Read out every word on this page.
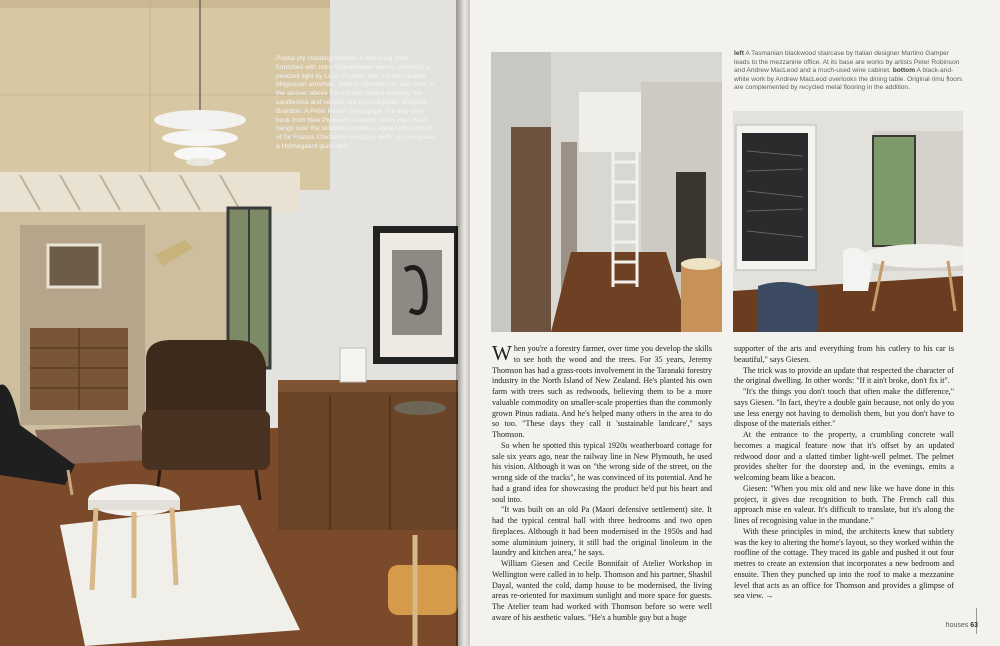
Poplar-ply cladding features in the living zone, furnished with retro Scandinavian pieces, including a pendant light by Louis Poulsen and a brown-leather Mogensen armchair. Jeremy inherited the sea chest in the alcove; above it is a David Sarich painting, the candlestick and vessels are by local potter Nicholas Brandon. A Peter Perver photograph of a trap-door hook from New Plymouth's historic White Hart Hotel hangs over the sideboard where a signed photograph of Sir Francis Chichester on Gipsy Moth sits alongside a Holmegaard glass dish.

left A Tasmanian blackwood staircase by Italian designer Martino Gamper leads to the mezzanine office. At its base are works by artists Peter Robinson and Andrew MacLeod and a much-used wine cabinet. bottom A black-and-white work by Andrew MacLeod overlooks the dining table. Original rimu floors are complemented by recycled metal flooring in the addition.

When you're a forestry farmer, over time you develop the skills to see both the wood and the trees. For 35 years, Jeremy Thomson has had a grass-roots involvement in the Taranaki forestry industry in the North Island of New Zealand. He's planted his own farm with trees such as redwoods, believing them to be a more valuable commodity on smaller-scale properties than the commonly grown Pinus radiata. And he's helped many others in the area to do so too. "These days they call it 'sustainable landcare'," says Thomson.

So when he spotted this typical 1920s weatherboard cottage for sale six years ago, near the railway line in New Plymouth, he used his vision. Although it was on "the wrong side of the street, on the wrong side of the tracks", he was convinced of its potential. And he had a grand idea for showcasing the product he'd put his heart and soul into.

"It was built on an old Pa (Maori defensive settlement) site. It had the typical central hall with three bedrooms and two open fireplaces. Although it had been modernised in the 1950s and had some aluminium joinery, it still had the original linoleum in the laundry and kitchen area," he says.

William Giesen and Cecile Bonnifait of Atelier Workshop in Wellington were called in to help. Thomson and his partner, Shashil Dayal, wanted the cold, damp house to be modernised, the living areas re-oriented for maximum sunlight and more space for guests. The Atelier team had worked with Thomson before so were well aware of his aesthetic values. "He's a humble guy but a huge

supporter of the arts and everything from his cutlery to his car is beautiful," says Giesen.

The trick was to provide an update that respected the character of the original dwelling. In other words: "If it ain't broke, don't fix it".

"It's the things you don't touch that often make the difference," says Giesen. "In fact, they're a double gain because, not only do you use less energy not having to demolish them, but you don't have to dispose of the materials either."

At the entrance to the property, a crumbling concrete wall becomes a magical feature now that it's offset by an updated redwood door and a slatted timber light-well pelmet. The pelmet provides shelter for the doorstep and, in the evenings, emits a welcoming beam like a beacon.

Giesen: "When you mix old and new like we have done in this project, it gives due recognition to both. The French call this approach mise en valeur. It's difficult to translate, but it's along the lines of recognising value in the mundane."

With these principles in mind, the architects knew that subtlety was the key to altering the home's layout, so they worked within the roofline of the cottage. They traced its gable and pushed it out four metres to create an extension that incorporates a new bedroom and ensuite. Then they punched up into the roof to make a mezzanine level that acts as an office for Thomson and provides a glimpse of sea view. →

houses 63
